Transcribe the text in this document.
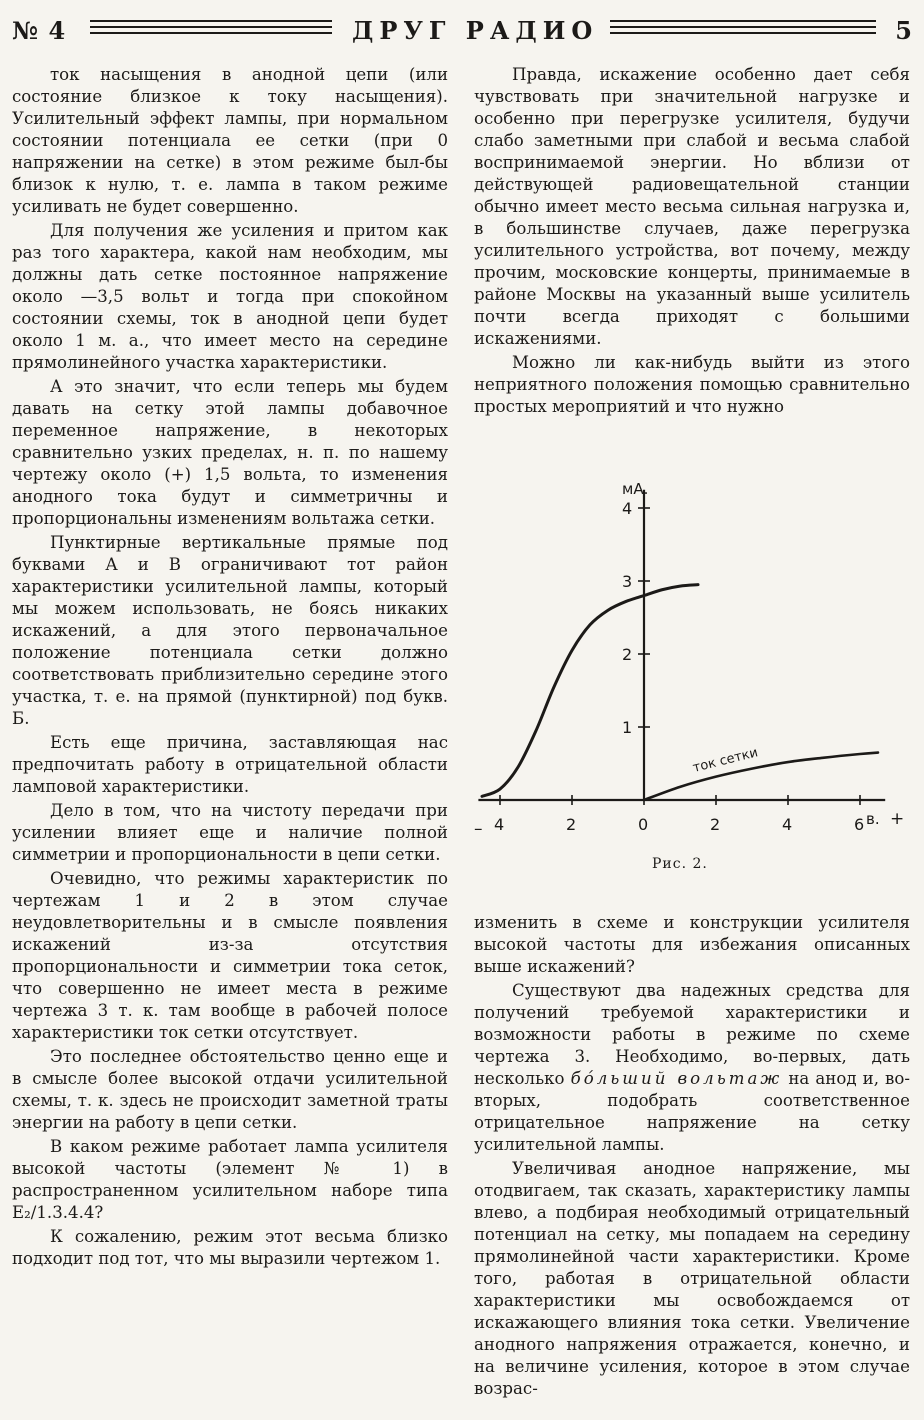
№ 4	ДРУГ РАДИО	5

ток насыщения в анодной цепи (или состояние близкое к току насыщения). Усилительный эффект лампы, при нормальном состоянии потенциала ее сетки (при 0 напряжении на сетке) в этом режиме был-бы близок к нулю, т. е. лампа в таком режиме усиливать не будет совершенно.

Для получения же усиления и притом как раз того характера, какой нам необходим, мы должны дать сетке постоянное напряжение около —3,5 вольт и тогда при спокойном состоянии схемы, ток в анодной цепи будет около 1 м. а., что имеет место на середине прямолинейного участка характеристики.

А это значит, что если теперь мы будем давать на сетку этой лампы добавочное переменное напряжение, в некоторых сравнительно узких пределах, н. п. по нашему чертежу около (+) 1,5 вольта, то изменения анодного тока будут и симметричны и пропорциональны изменениям вольтажа сетки.

Пунктирные вертикальные прямые под буквами А и В ограничивают тот район характеристики усилительной лампы, который мы можем использовать, не боясь никаких искажений, а для этого первоначальное положение потенциала сетки должно соответствовать приблизительно середине этого участка, т. е. на прямой (пунктирной) под букв. Б.

Есть еще причина, заставляющая нас предпочитать работу в отрицательной области ламповой характеристики.

Дело в том, что на чистоту передачи при усилении влияет еще и наличие полной симметрии и пропорциональности в цепи сетки.

Очевидно, что режимы характеристик по чертежам 1 и 2 в этом случае неудовлетворительны и в смысле появления искажений из-за отсутствия пропорциональности и симметрии тока сеток, что совершенно не имеет места в режиме чертежа 3 т. к. там вообще в рабочей полосе характеристики ток сетки отсутствует.

Это последнее обстоятельство ценно еще и в смысле более высокой отдачи усилительной схемы, т. к. здесь не происходит заметной траты энергии на работу в цепи сетки.

В каком режиме работает лампа усилителя высокой частоты (элемент № 1) в распространенном усилительном наборе типа Е₂/1.3.4.4?

К сожалению, режим этот весьма близко подходит под тот, что мы выразили чертежом 1.

Правда, искажение особенно дает себя чувствовать при значительной нагрузке и особенно при перегрузке усилителя, будучи слабо заметными при слабой и весьма слабой воспринимаемой энергии. Но вблизи от действующей радиовещательной станции обычно имеет место весьма сильная нагрузка и, в большинстве случаев, даже перегрузка усилительного устройства, вот почему, между прочим, московские концерты, принимаемые в районе Москвы на указанный выше усилитель почти всегда приходят с большими искажениями.

Можно ли как-нибудь выйти из этого неприятного положения помощью сравнительно простых мероприятий и что нужно

4	2	0	2	4	6
1
2
3
4
мА.
в. +
–
ток сетки
Рис. 2.

изменить в схеме и конструкции усилителя высокой частоты для избежания описанных выше искажений?

Существуют два надежных средства для получений требуемой характеристики и возможности работы в режиме по схеме чертежа 3. Необходимо, во-первых, дать несколько бóльший вольтаж на анод и, во-вторых, подобрать соответственное отрицательное напряжение на сетку усилительной лампы.

Увеличивая анодное напряжение, мы отодвигаем, так сказать, характеристику лампы влево, а подбирая необходимый отрицательный потенциал на сетку, мы попадаем на середину прямолинейной части характеристики. Кроме того, работая в отрицательной области характеристики мы освобождаемся от искажающего влияния тока сетки. Увеличение анодного напряжения отражается, конечно, и на величине усиления, которое в этом случае возрас-
